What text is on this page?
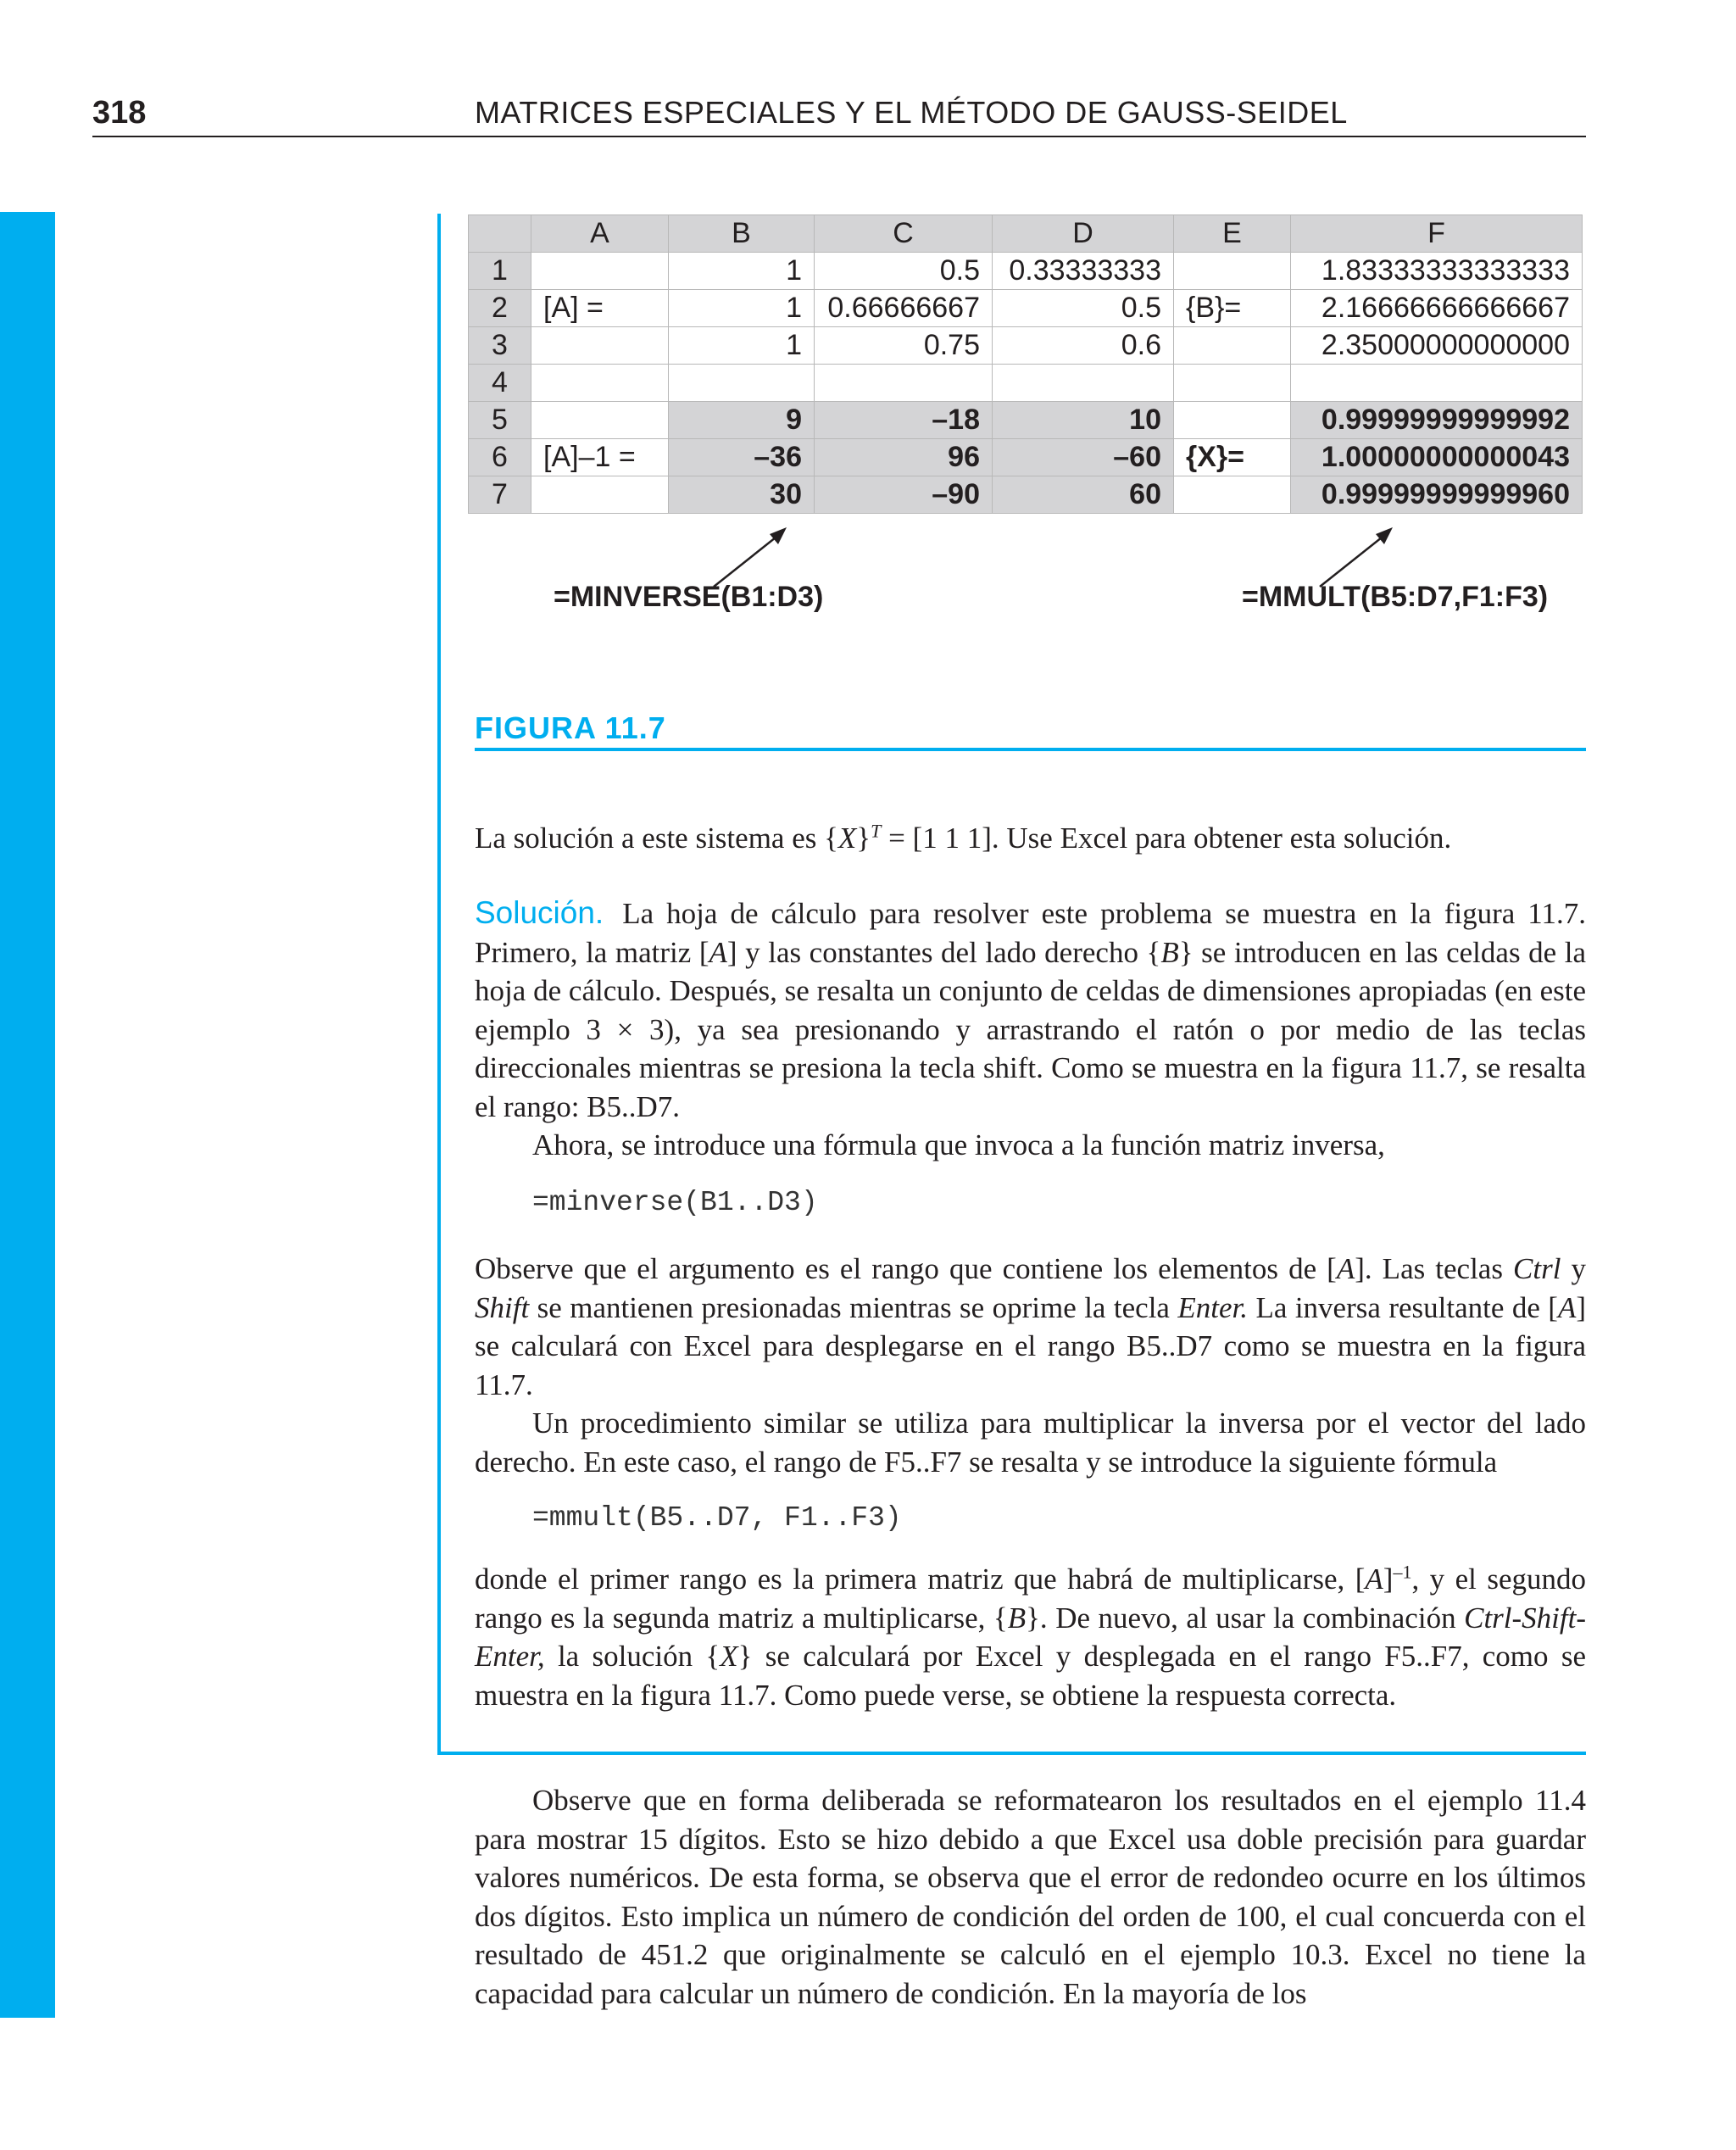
318	MATRICES ESPECIALES Y EL MÉTODO DE GAUSS-SEIDEL
	A	B	C	D	E	F
1		1	0.5	0.33333333		1.83333333333333
2	[A] =	1	0.66666667	0.5	{B}=	2.16666666666667
3		1	0.75	0.6		2.35000000000000
4						
5		9	–18	10		0.99999999999992
6	[A]–1 =	–36	96	–60	{X}=	1.00000000000043
7		30	–90	60		0.99999999999960
=MINVERSE(B1:D3)	=MMULT(B5:D7,F1:F3)
FIGURA 11.7

La solución a este sistema es $\{X\}^T = [1$ 1 1]. Use Excel para obtener esta solución.

Solución. La hoja de cálculo para resolver este problema se muestra en la figura 11.7. Primero, la matriz [A] y las constantes del lado derecho {B} se introducen en las celdas de la hoja de cálculo. Después, se resalta un conjunto de celdas de dimensiones apropiadas (en este ejemplo 3 × 3), ya sea presionando y arrastrando el ratón o por medio de las teclas direccionales mientras se presiona la tecla shift. Como se muestra en la figura 11.7, se resalta el rango: B5..D7.

Ahora, se introduce una fórmula que invoca a la función matriz inversa,

=minverse(B1..D3)

Observe que el argumento es el rango que contiene los elementos de [A]. Las teclas Ctrl y Shift se mantienen presionadas mientras se oprime la tecla Enter. La inversa resultante de [A] se calculará con Excel para desplegarse en el rango B5..D7 como se muestra en la figura 11.7.

Un procedimiento similar se utiliza para multiplicar la inversa por el vector del lado derecho. En este caso, el rango de F5..F7 se resalta y se introduce la siguiente fórmula

=mmult(B5..D7, F1..F3)

donde el primer rango es la primera matriz que habrá de multiplicarse, $[A]^{-1}$, y el segundo rango es la segunda matriz a multiplicarse, {B}. De nuevo, al usar la combinación Ctrl-Shift-Enter, la solución {X} se calculará por Excel y desplegada en el rango F5..F7, como se muestra en la figura 11.7. Como puede verse, se obtiene la respuesta correcta.

Observe que en forma deliberada se reformatearon los resultados en el ejemplo 11.4 para mostrar 15 dígitos. Esto se hizo debido a que Excel usa doble precisión para guardar valores numéricos. De esta forma, se observa que el error de redondeo ocurre en los últimos dos dígitos. Esto implica un número de condición del orden de 100, el cual concuerda con el resultado de 451.2 que originalmente se calculó en el ejemplo 10.3. Excel no tiene la capacidad para calcular un número de condición. En la mayoría de los
